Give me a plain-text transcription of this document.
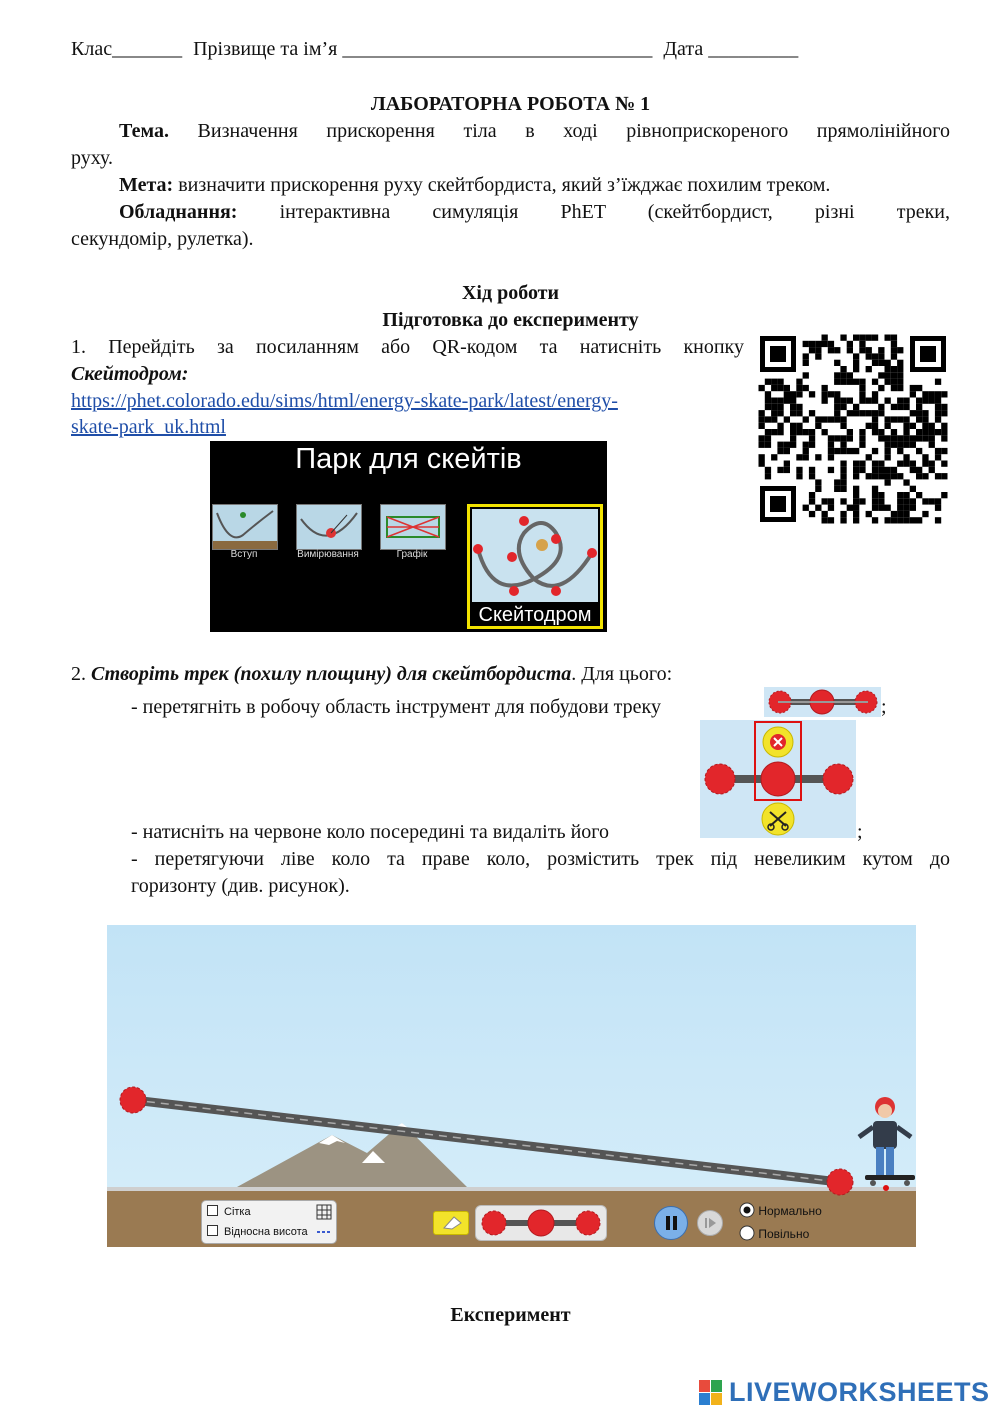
Клас_______ Прізвище та ім’я _______________________________ Дата _________
ЛАБОРАТОРНА РОБОТА № 1
Тема. Визначення прискорення тіла в ході рівноприскореного прямолінійного
руху.
Мета: визначити прискорення руху скейтбордиста, який з’їжджає похилим треком.
Обладнання: інтерактивна симуляція PhET (скейтбордист, різні треки,
секундомір, рулетка).
Хід роботи
Підготовка до експерименту
1. Перейдіть за посиланням або QR-кодом та натисніть кнопку
Скейтодром:
https://phet.colorado.edu/sims/html/energy-skate-park/latest/energy-
skate-park_uk.html
Парк для скейтів
Вступ	Вимірювання	Графік
Скейтодром
2. Створіть трек (похилу площину) для скейтбордиста. Для цього:
- перетягніть в робочу область інструмент для побудови треку	;
- натисніть на червоне коло посередині та видаліть його	;
- перетягуючи ліве коло та праве коло, розмістить трек під невеликим кутом до
горизонту (див. рисунок).
Сітка
Відносна висота
Нормально
Повільно
Експеримент
LIVEWORKSHEETS
